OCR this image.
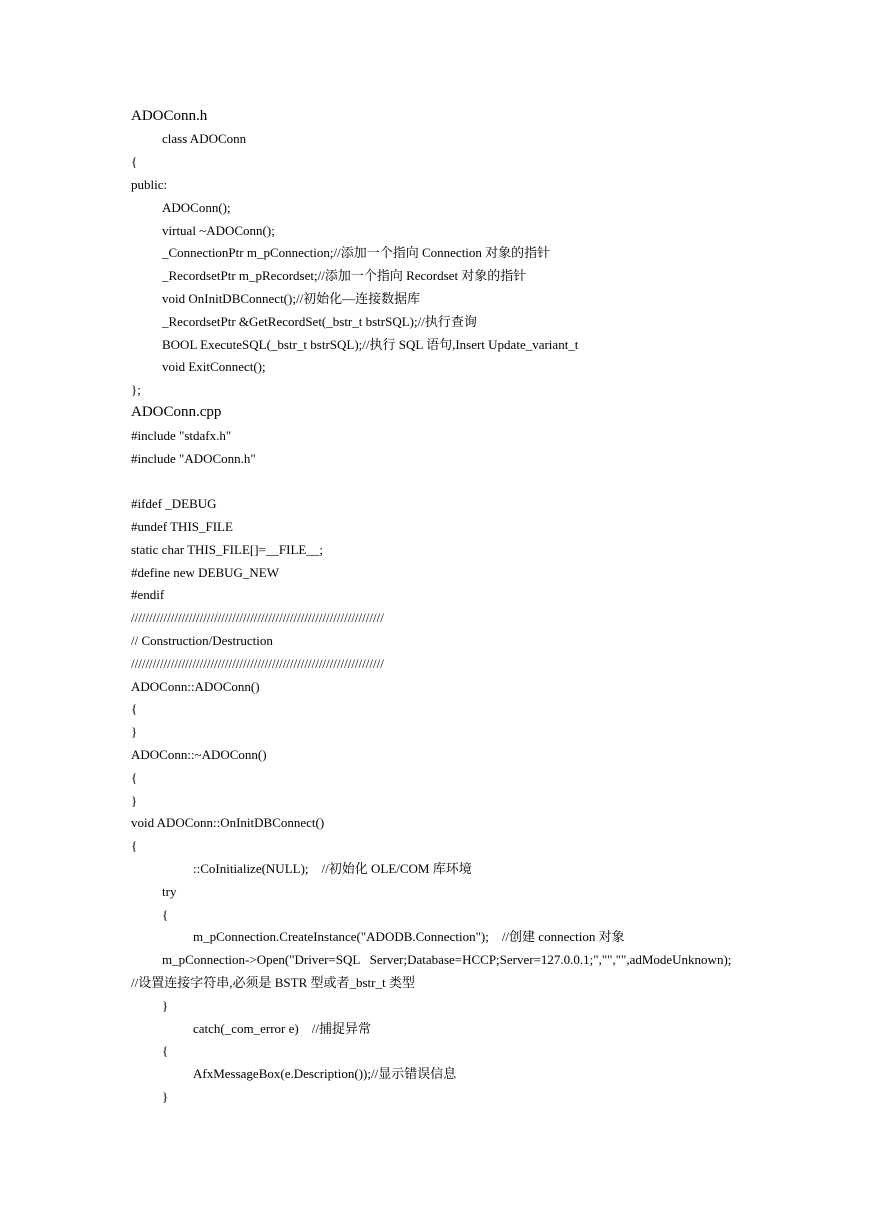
ADOConn.h
class ADOConn
{
public:
ADOConn();
virtual ~ADOConn();
_ConnectionPtr m_pConnection;//添加一个指向 Connection 对象的指针
_RecordsetPtr m_pRecordset;//添加一个指向 Recordset 对象的指针
void OnInitDBConnect();//初始化—连接数据库
_RecordsetPtr &GetRecordSet(_bstr_t bstrSQL);//执行查询
BOOL ExecuteSQL(_bstr_t bstrSQL);//执行 SQL 语句,Insert Update_variant_t
void ExitConnect();
};
ADOConn.cpp
#include "stdafx.h"
#include "ADOConn.h"
#ifdef _DEBUG
#undef THIS_FILE
static char THIS_FILE[]=__FILE__;
#define new DEBUG_NEW
#endif
//////////////////////////////////////////////////////////////////////
// Construction/Destruction
//////////////////////////////////////////////////////////////////////
ADOConn::ADOConn()
{
}
ADOConn::~ADOConn()
{
}
void ADOConn::OnInitDBConnect()
{
::CoInitialize(NULL);    //初始化 OLE/COM 库环境
try
{
m_pConnection.CreateInstance("ADODB.Connection");    //创建 connection 对象
m_pConnection->Open("Driver=SQL   Server;Database=HCCP;Server=127.0.0.1;","","",adModeUnknown);
//设置连接字符串,必须是 BSTR 型或者_bstr_t 类型
}
catch(_com_error e)    //捕捉异常
{
AfxMessageBox(e.Description());//显示错误信息
}
